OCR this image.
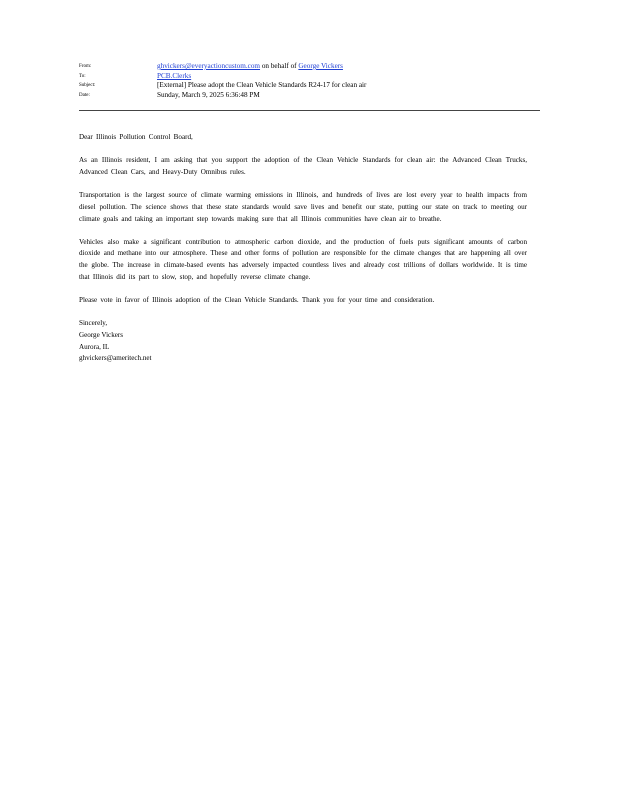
From:	ghvickers@everyactioncustom.com on behalf of George Vickers
To:	PCB.Clerks
Subject:	[External] Please adopt the Clean Vehicle Standards R24-17 for clean air
Date:	Sunday, March 9, 2025 6:36:48 PM

Dear Illinois Pollution Control Board,

As an Illinois resident, I am asking that you support the adoption of the Clean Vehicle Standards for clean air: the Advanced Clean Trucks, Advanced Clean Cars, and Heavy-Duty Omnibus rules.

Transportation is the largest source of climate warming emissions in Illinois, and hundreds of lives are lost every year to health impacts from diesel pollution. The science shows that these state standards would save lives and benefit our state, putting our state on track to meeting our climate goals and taking an important step towards making sure that all Illinois communities have clean air to breathe.

Vehicles also make a significant contribution to atmospheric carbon dioxide, and the production of fuels puts significant amounts of carbon dioxide and methane into our atmosphere. These and other forms of pollution are responsible for the climate changes that are happening all over the globe. The increase in climate-based events has adversely impacted countless lives and already cost trillions of dollars worldwide. It is time that Illinois did its part to slow, stop, and hopefully reverse climate change.

Please vote in favor of Illinois adoption of the Clean Vehicle Standards. Thank you for your time and consideration.

Sincerely,
George Vickers
Aurora, IL
ghvickers@ameritech.net
